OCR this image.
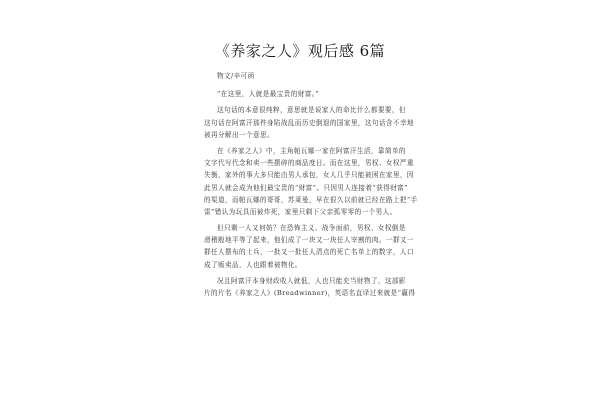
《养家之人》观后感 6篇
物文/辛可函
“在这里，人就是最宝贵的财富。”
这句话的本意很纯粹，意思就是说家人的命比什么都要要，但
这句话在阿富汗那件身陷战乱而历史倒退的国家里，这句话含不幸地
被再分解出一个意思。
在《养家之人》中，主角帕瓦娜一家在阿富汗生活，靠简单的
文字代写代念和卖一些摆碎的商品度日。而在这里，男权、女权严重
失衡，家外的事大多只能由男人承包，女人几乎只能被困在家里，因
此男人就会成为他们最宝贵的“财富”。只因男人连接着“获得财富”
的渠道，而帕瓦娜的哥哥，苏莱曼，早在很久以前就已经在路上把“手
雷”错认为玩具而被炸死，家里只剩下父亲孤零零的一个男人。
但只剩一人又何妨？在恐怖主义、战争面前，男权、女权倒是
滑稽般地平等了起来，他们成了一块又一块任人宰割的肉。一群又一
群任人摆布的士兵，一批又一批任人清点的死亡名单上的数字，人口
成了贩卖品，人也跟着被物化。
况且阿富汗本身财政收入就低，人也只能充当财物了，这部影
片的片名《养家之人》(Breadwinner)，英语名直译过来就是“赢得
